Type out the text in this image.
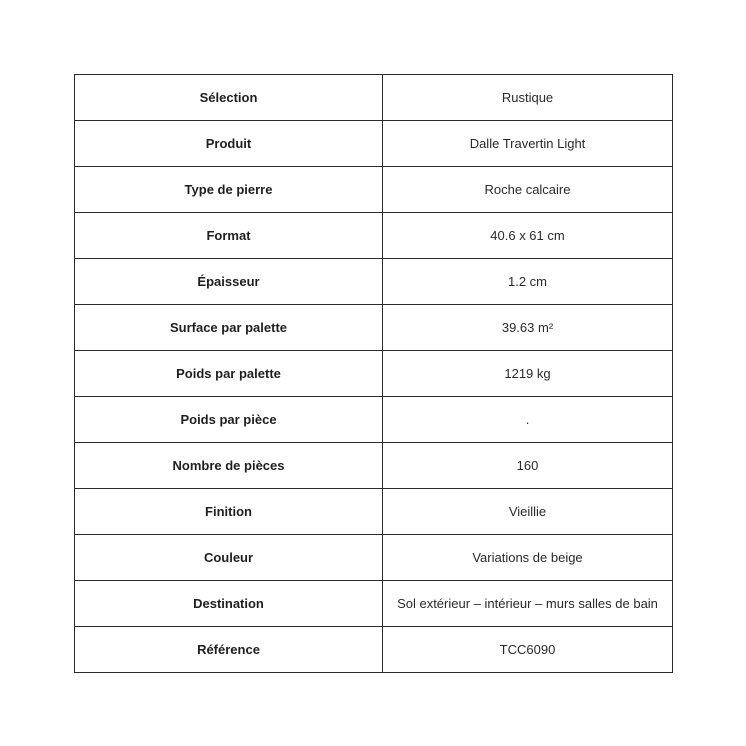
Sélection	Rustique
Produit	Dalle Travertin Light
Type de pierre	Roche calcaire
Format	40.6 x 61 cm
Épaisseur	1.2 cm
Surface par palette	39.63 m²
Poids par palette	1219 kg
Poids par pièce	.
Nombre de pièces	160
Finition	Vieillie
Couleur	Variations de beige
Destination	Sol extérieur – intérieur – murs salles de bain
Référence	TCC6090
